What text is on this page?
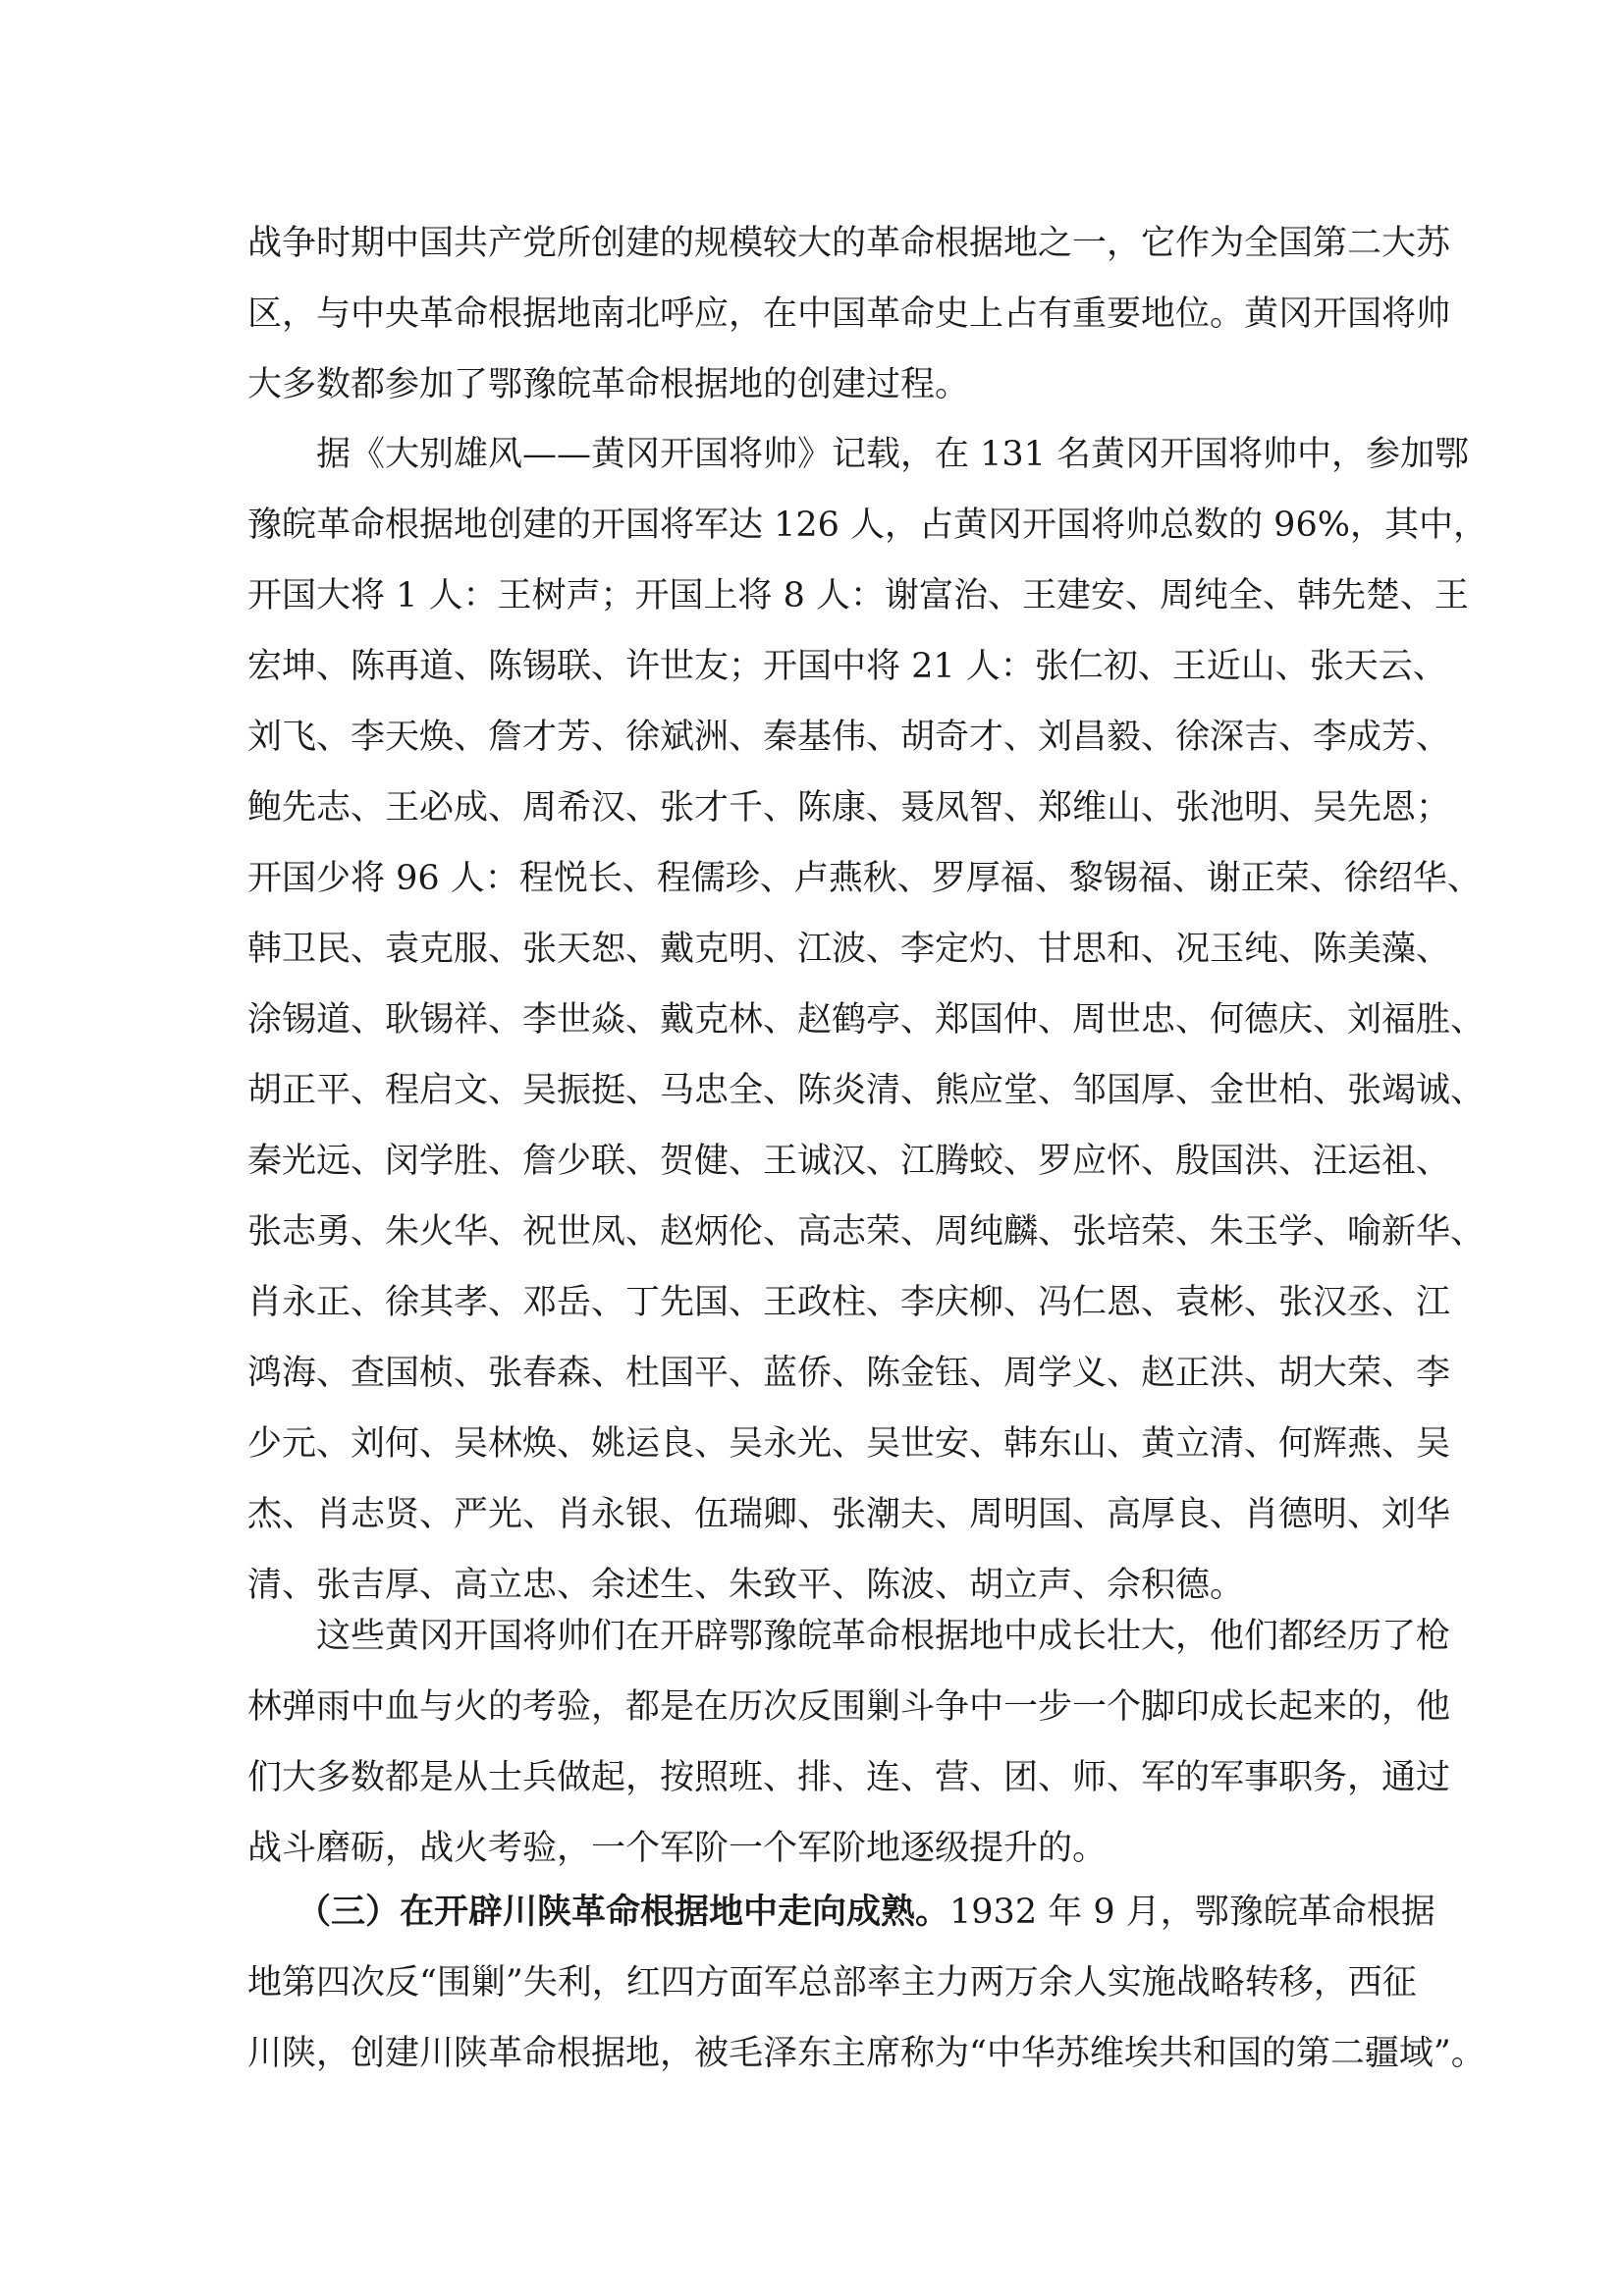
战争时期中国共产党所创建的规模较大的革命根据地之一，它作为全国第二大苏
区，与中央革命根据地南北呼应，在中国革命史上占有重要地位。黄冈开国将帅
大多数都参加了鄂豫皖革命根据地的创建过程。
据《大别雄风——黄冈开国将帅》记载，在 131 名黄冈开国将帅中，参加鄂
豫皖革命根据地创建的开国将军达 126 人，占黄冈开国将帅总数的 96%，其中，
开国大将 1 人：王树声；开国上将 8 人：谢富治、王建安、周纯全、韩先楚、王
宏坤、陈再道、陈锡联、许世友；开国中将 21 人：张仁初、王近山、张天云、
刘飞、李天焕、詹才芳、徐斌洲、秦基伟、胡奇才、刘昌毅、徐深吉、李成芳、
鲍先志、王必成、周希汉、张才千、陈康、聂凤智、郑维山、张池明、吴先恩；
开国少将 96 人：程悦长、程儒珍、卢燕秋、罗厚福、黎锡福、谢正荣、徐绍华、
韩卫民、袁克服、张天恕、戴克明、江波、李定灼、甘思和、况玉纯、陈美藻、
涂锡道、耿锡祥、李世焱、戴克林、赵鹤亭、郑国仲、周世忠、何德庆、刘福胜、
胡正平、程启文、吴振挺、马忠全、陈炎清、熊应堂、邹国厚、金世柏、张竭诚、
秦光远、闵学胜、詹少联、贺健、王诚汉、江腾蛟、罗应怀、殷国洪、汪运祖、
张志勇、朱火华、祝世凤、赵炳伦、高志荣、周纯麟、张培荣、朱玉学、喻新华、
肖永正、徐其孝、邓岳、丁先国、王政柱、李庆柳、冯仁恩、袁彬、张汉丞、江
鸿海、查国桢、张春森、杜国平、蓝侨、陈金钰、周学义、赵正洪、胡大荣、李
少元、刘何、吴林焕、姚运良、吴永光、吴世安、韩东山、黄立清、何辉燕、吴
杰、肖志贤、严光、肖永银、伍瑞卿、张潮夫、周明国、高厚良、肖德明、刘华
清、张吉厚、高立忠、余述生、朱致平、陈波、胡立声、佘积德。
这些黄冈开国将帅们在开辟鄂豫皖革命根据地中成长壮大，他们都经历了枪
林弹雨中血与火的考验，都是在历次反围剿斗争中一步一个脚印成长起来的，他
们大多数都是从士兵做起，按照班、排、连、营、团、师、军的军事职务，通过
战斗磨砺，战火考验，一个军阶一个军阶地逐级提升的。
（三）在开辟川陕革命根据地中走向成熟。1932 年 9 月，鄂豫皖革命根据
地第四次反“围剿”失利，红四方面军总部率主力两万余人实施战略转移，西征
川陕，创建川陕革命根据地，被毛泽东主席称为“中华苏维埃共和国的第二疆域”。
